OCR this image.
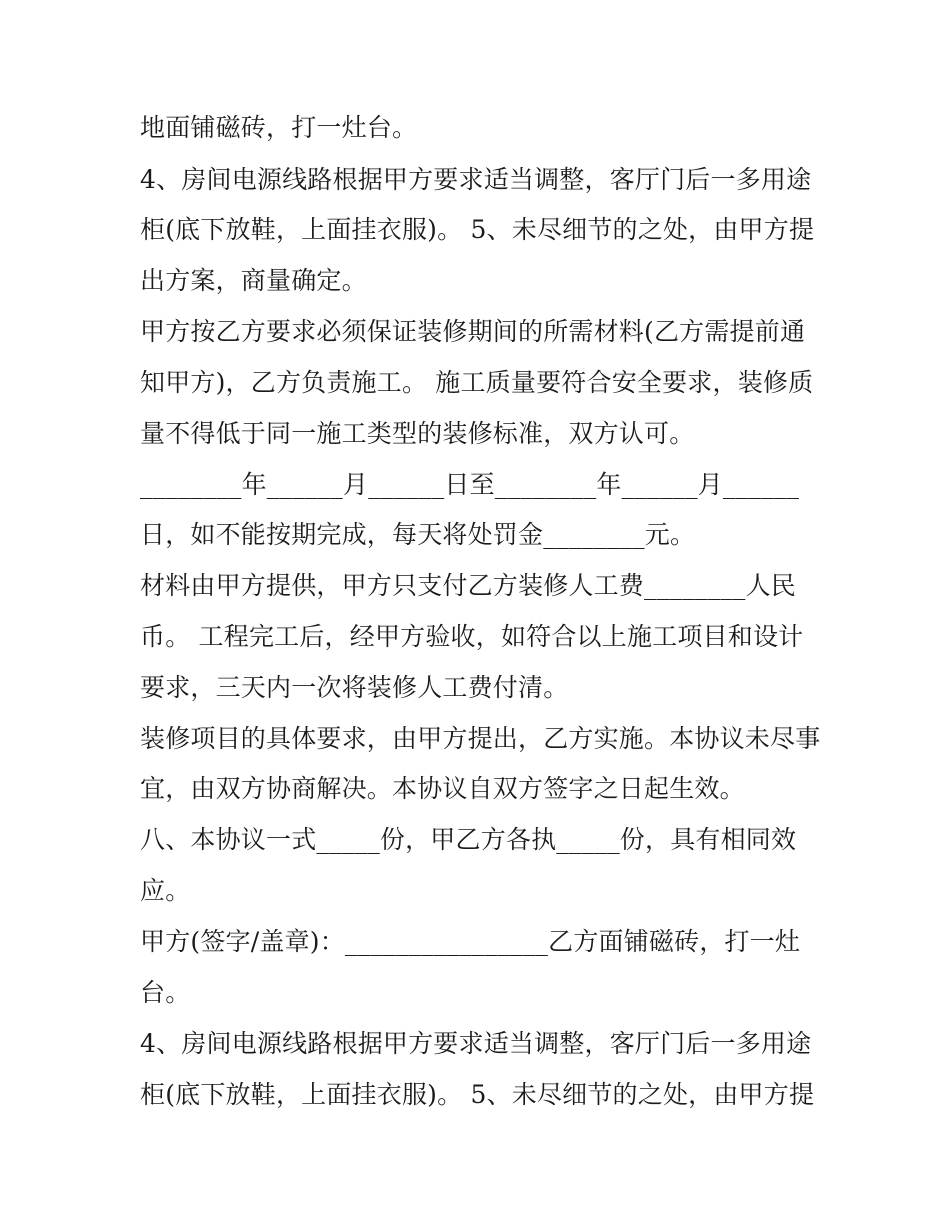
地面铺磁砖，打一灶台。

4、房间电源线路根据甲方要求适当调整，客厅门后一多用途

柜(底下放鞋，上面挂衣服)。 5、未尽细节的之处，由甲方提

出方案，商量确定。

甲方按乙方要求必须保证装修期间的所需材料(乙方需提前通

知甲方)，乙方负责施工。 施工质量要符合安全要求，装修质

量不得低于同一施工类型的装修标准，双方认可。

________年______月______日至________年______月______

日，如不能按期完成，每天将处罚金________元。

材料由甲方提供，甲方只支付乙方装修人工费________人民

币。 工程完工后，经甲方验收，如符合以上施工项目和设计

要求，三天内一次将装修人工费付清。

装修项目的具体要求，由甲方提出，乙方实施。本协议未尽事

宜，由双方协商解决。本协议自双方签字之日起生效。

八、本协议一式_____份，甲乙方各执_____份，具有相同效

应。

甲方(签字/盖章)：________________乙方面铺磁砖，打一灶

台。

4、房间电源线路根据甲方要求适当调整，客厅门后一多用途

柜(底下放鞋，上面挂衣服)。 5、未尽细节的之处，由甲方提
